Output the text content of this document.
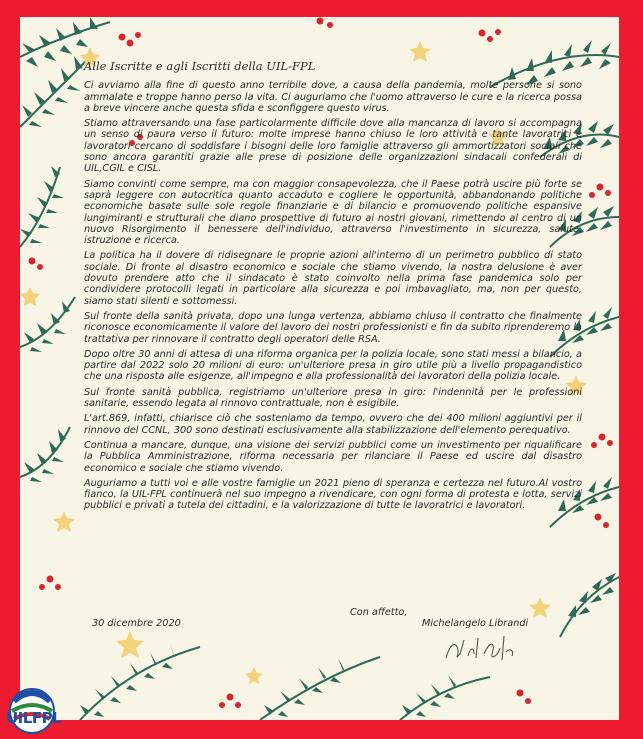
Alle Iscritte e agli Iscritti della UIL-FPL

Ci avviamo alla fine di questo anno terribile dove, a causa della pandemia, molte persone si sono ammalate e troppe hanno perso la vita. Ci auguriamo che l'uomo attraverso le cure e la ricerca possa a breve vincere anche questa sfida e sconfiggere questo virus.

Stiamo attraversando una fase particolarmente difficile dove alla mancanza di lavoro si accompagna un senso di paura verso il futuro: molte imprese hanno chiuso le loro attività e tante lavoratrici e lavoratori cercano di soddisfare i bisogni delle loro famiglie attraverso gli ammortizzatori sociali che sono ancora garantiti grazie alle prese di posizione delle organizzazioni sindacali confederali di UIL,CGIL e CISL.

Siamo convinti come sempre, ma con maggior consapevolezza, che il Paese potrà uscire più forte se saprà leggere con autocritica quanto accaduto e cogliere le opportunità, abbandonando politiche economiche basate sulle sole regole finanziarie e di bilancio e promuovendo politiche espansive lungimiranti e strutturali che diano prospettive di futuro ai nostri giovani, rimettendo al centro di un nuovo Risorgimento il benessere dell'individuo, attraverso l'investimento in sicurezza, salute, istruzione e ricerca.

La politica ha il dovere di ridisegnare le proprie azioni all'interno di un perimetro pubblico di stato sociale. Di fronte al disastro economico e sociale che stiamo vivendo, la nostra delusione è aver dovuto prendere atto che il sindacato è stato coinvolto nella prima fase pandemica solo per condividere protocolli legati in particolare alla sicurezza e poi imbavagliato, ma, non per questo, siamo stati silenti e sottomessi.

Sul fronte della sanità privata, dopo una lunga vertenza, abbiamo chiuso il contratto che finalmente riconosce economicamente il valore del lavoro dei nostri professionisti e fin da subito riprenderemo la trattativa per rinnovare il contratto degli operatori delle RSA.

Dopo oltre 30 anni di attesa di una riforma organica per la polizia locale, sono stati messi a bilancio, a partire dal 2022 solo 20 milioni di euro: un'ulteriore presa in giro utile più a livello propagandistico che una risposta alle esigenze, all'impegno e alla professionalità dei lavoratori della polizia locale.

Sul fronte sanità pubblica, registriamo un'ulteriore presa in giro: l'indennità per le professioni sanitarie, essendo legata al rinnovo contrattuale, non è esigibile.

L'art.869, infatti, chiarisce ciò che sosteniamo da tempo, ovvero che dei 400 milioni aggiuntivi per il rinnovo del CCNL, 300 sono destinati esclusivamente alla stabilizzazione dell'elemento perequativo.

Continua a mancare, dunque, una visione dei servizi pubblici come un investimento per riqualificare la Pubblica Amministrazione, riforma necessaria per rilanciare il Paese ed uscire dal disastro economico e sociale che stiamo vivendo.

Auguriamo a tutti voi e alle vostre famiglie un 2021 pieno di speranza e certezza nel futuro.Al vostro fianco, la UIL-FPL continuerà nel suo impegno a rivendicare, con ogni forma di protesta e lotta, servizi pubblici e privati a tutela dei cittadini, e la valorizzazione di tutte le lavoratrici e lavoratori.

Con affetto,
30 dicembre 2020	Michelangelo Librandi
UILFPL
